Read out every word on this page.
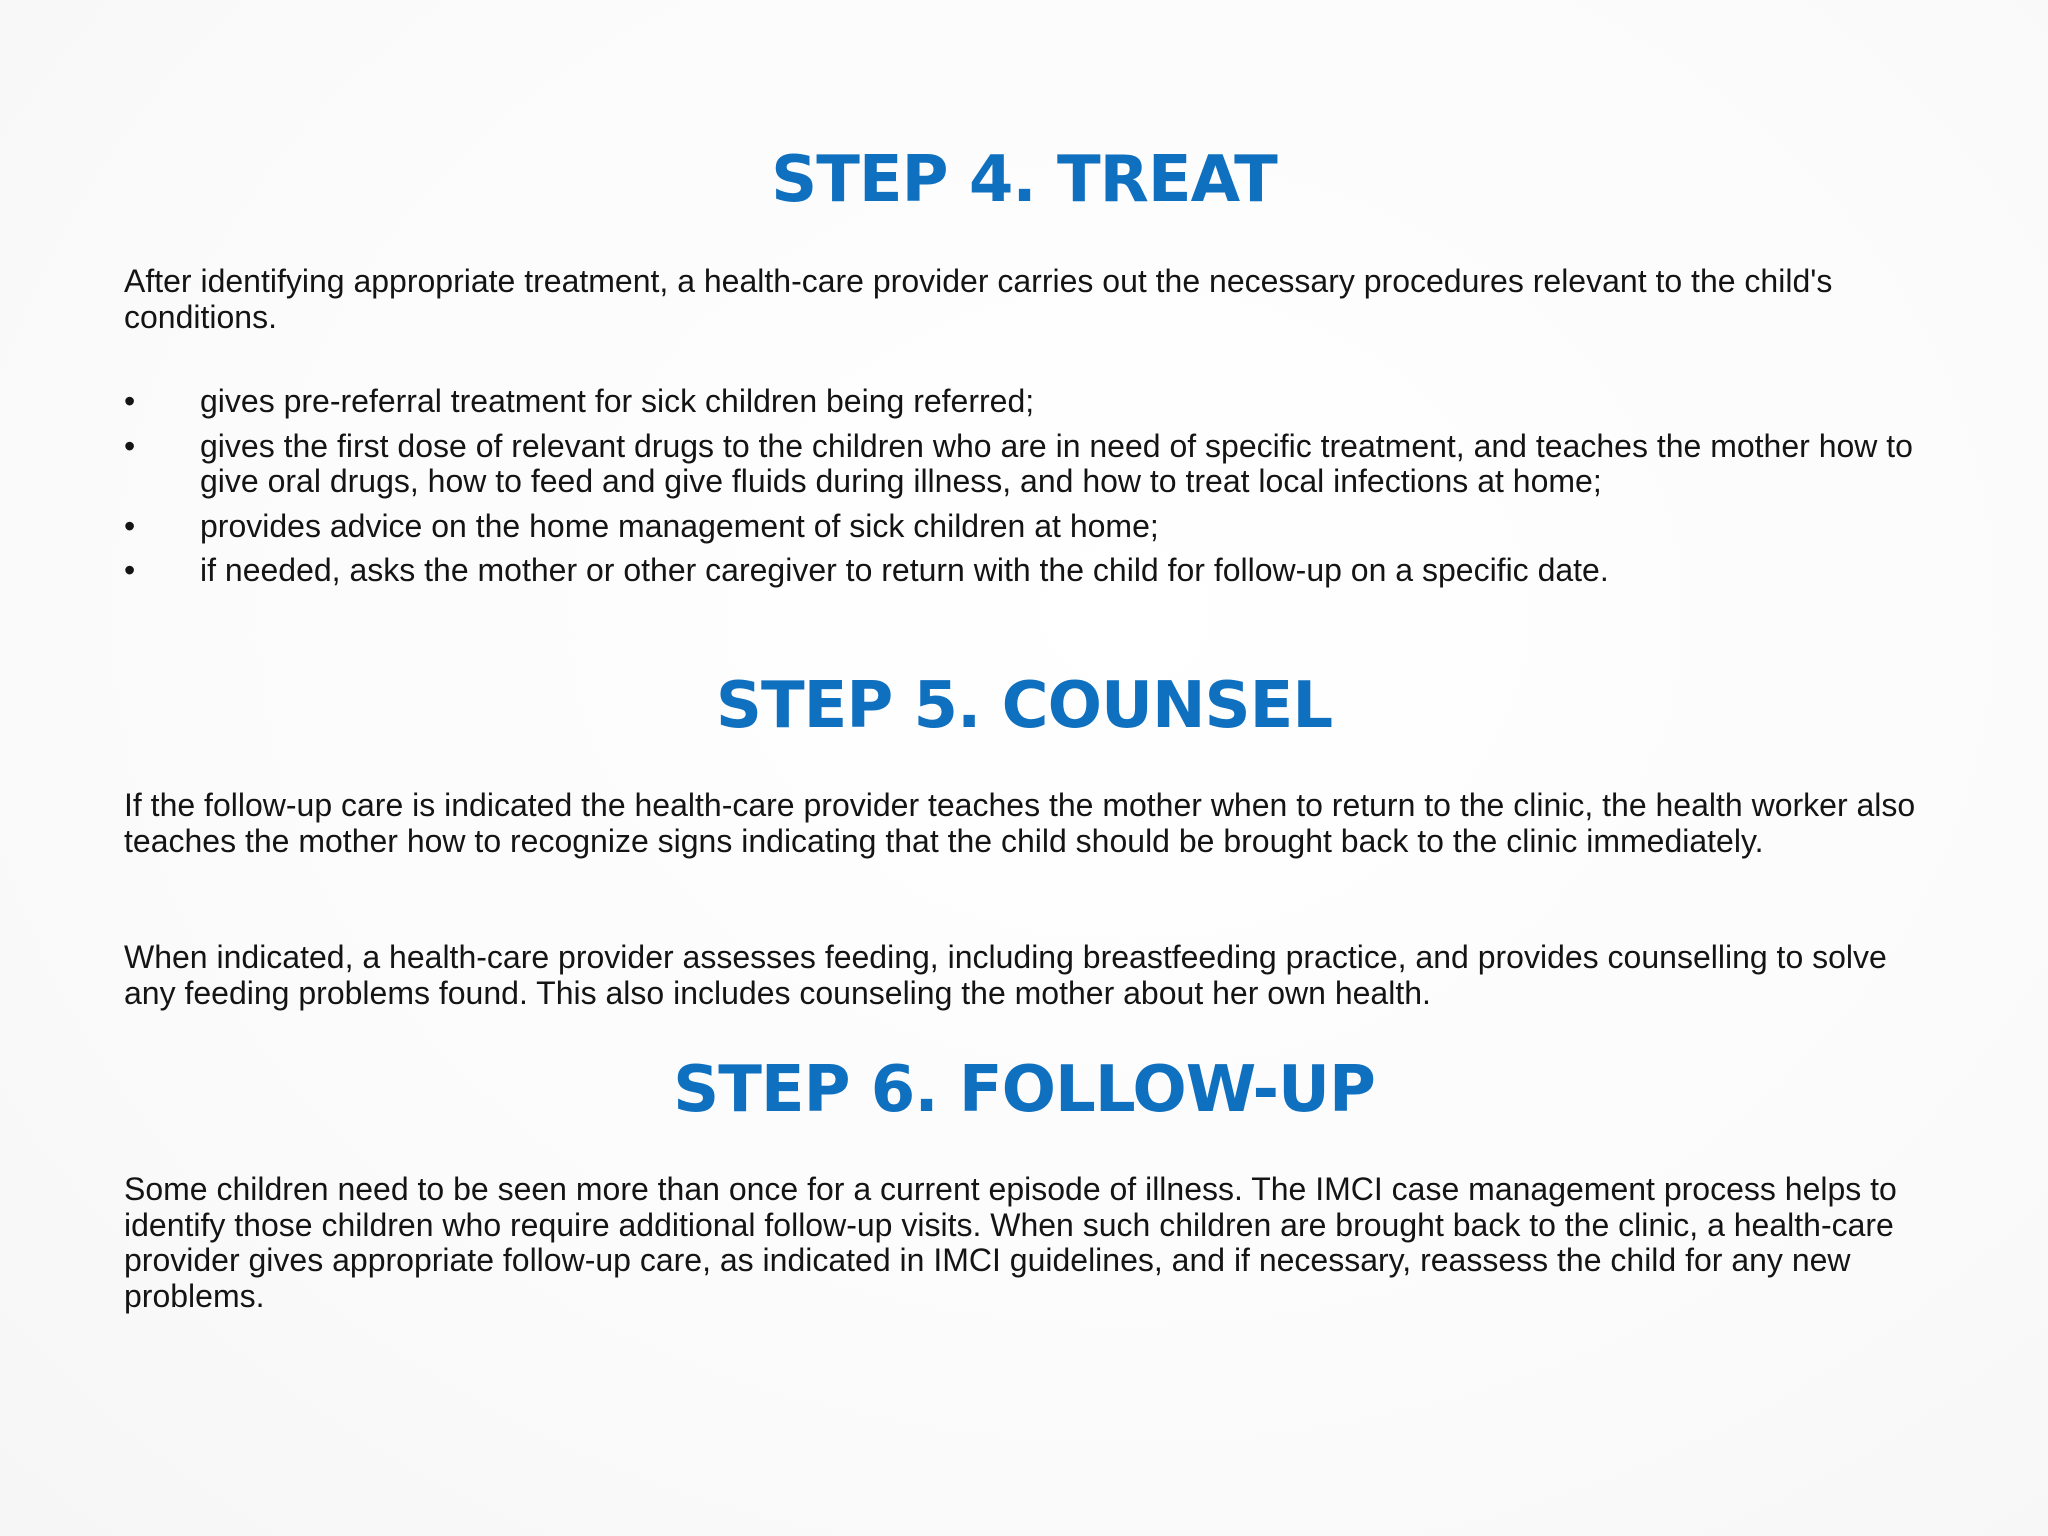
STEP 4. TREAT

After identifying appropriate treatment, a health-care provider carries out the necessary procedures relevant to the child's conditions.

• gives pre-referral treatment for sick children being referred;
• gives the first dose of relevant drugs to the children who are in need of specific treatment, and teaches the mother how to give oral drugs, how to feed and give fluids during illness, and how to treat local infections at home;
• provides advice on the home management of sick children at home;
• if needed, asks the mother or other caregiver to return with the child for follow-up on a specific date.
STEP 5. COUNSEL

If the follow-up care is indicated the health-care provider teaches the mother when to return to the clinic, the health worker also teaches the mother how to recognize signs indicating that the child should be brought back to the clinic immediately.

When indicated, a health-care provider assesses feeding, including breastfeeding practice, and provides counselling to solve any feeding problems found. This also includes counseling the mother about her own health.

STEP 6. FOLLOW-UP

Some children need to be seen more than once for a current episode of illness. The IMCI case management process helps to identify those children who require additional follow-up visits. When such children are brought back to the clinic, a health-care provider gives appropriate follow-up care, as indicated in IMCI guidelines, and if necessary, reassess the child for any new problems.
